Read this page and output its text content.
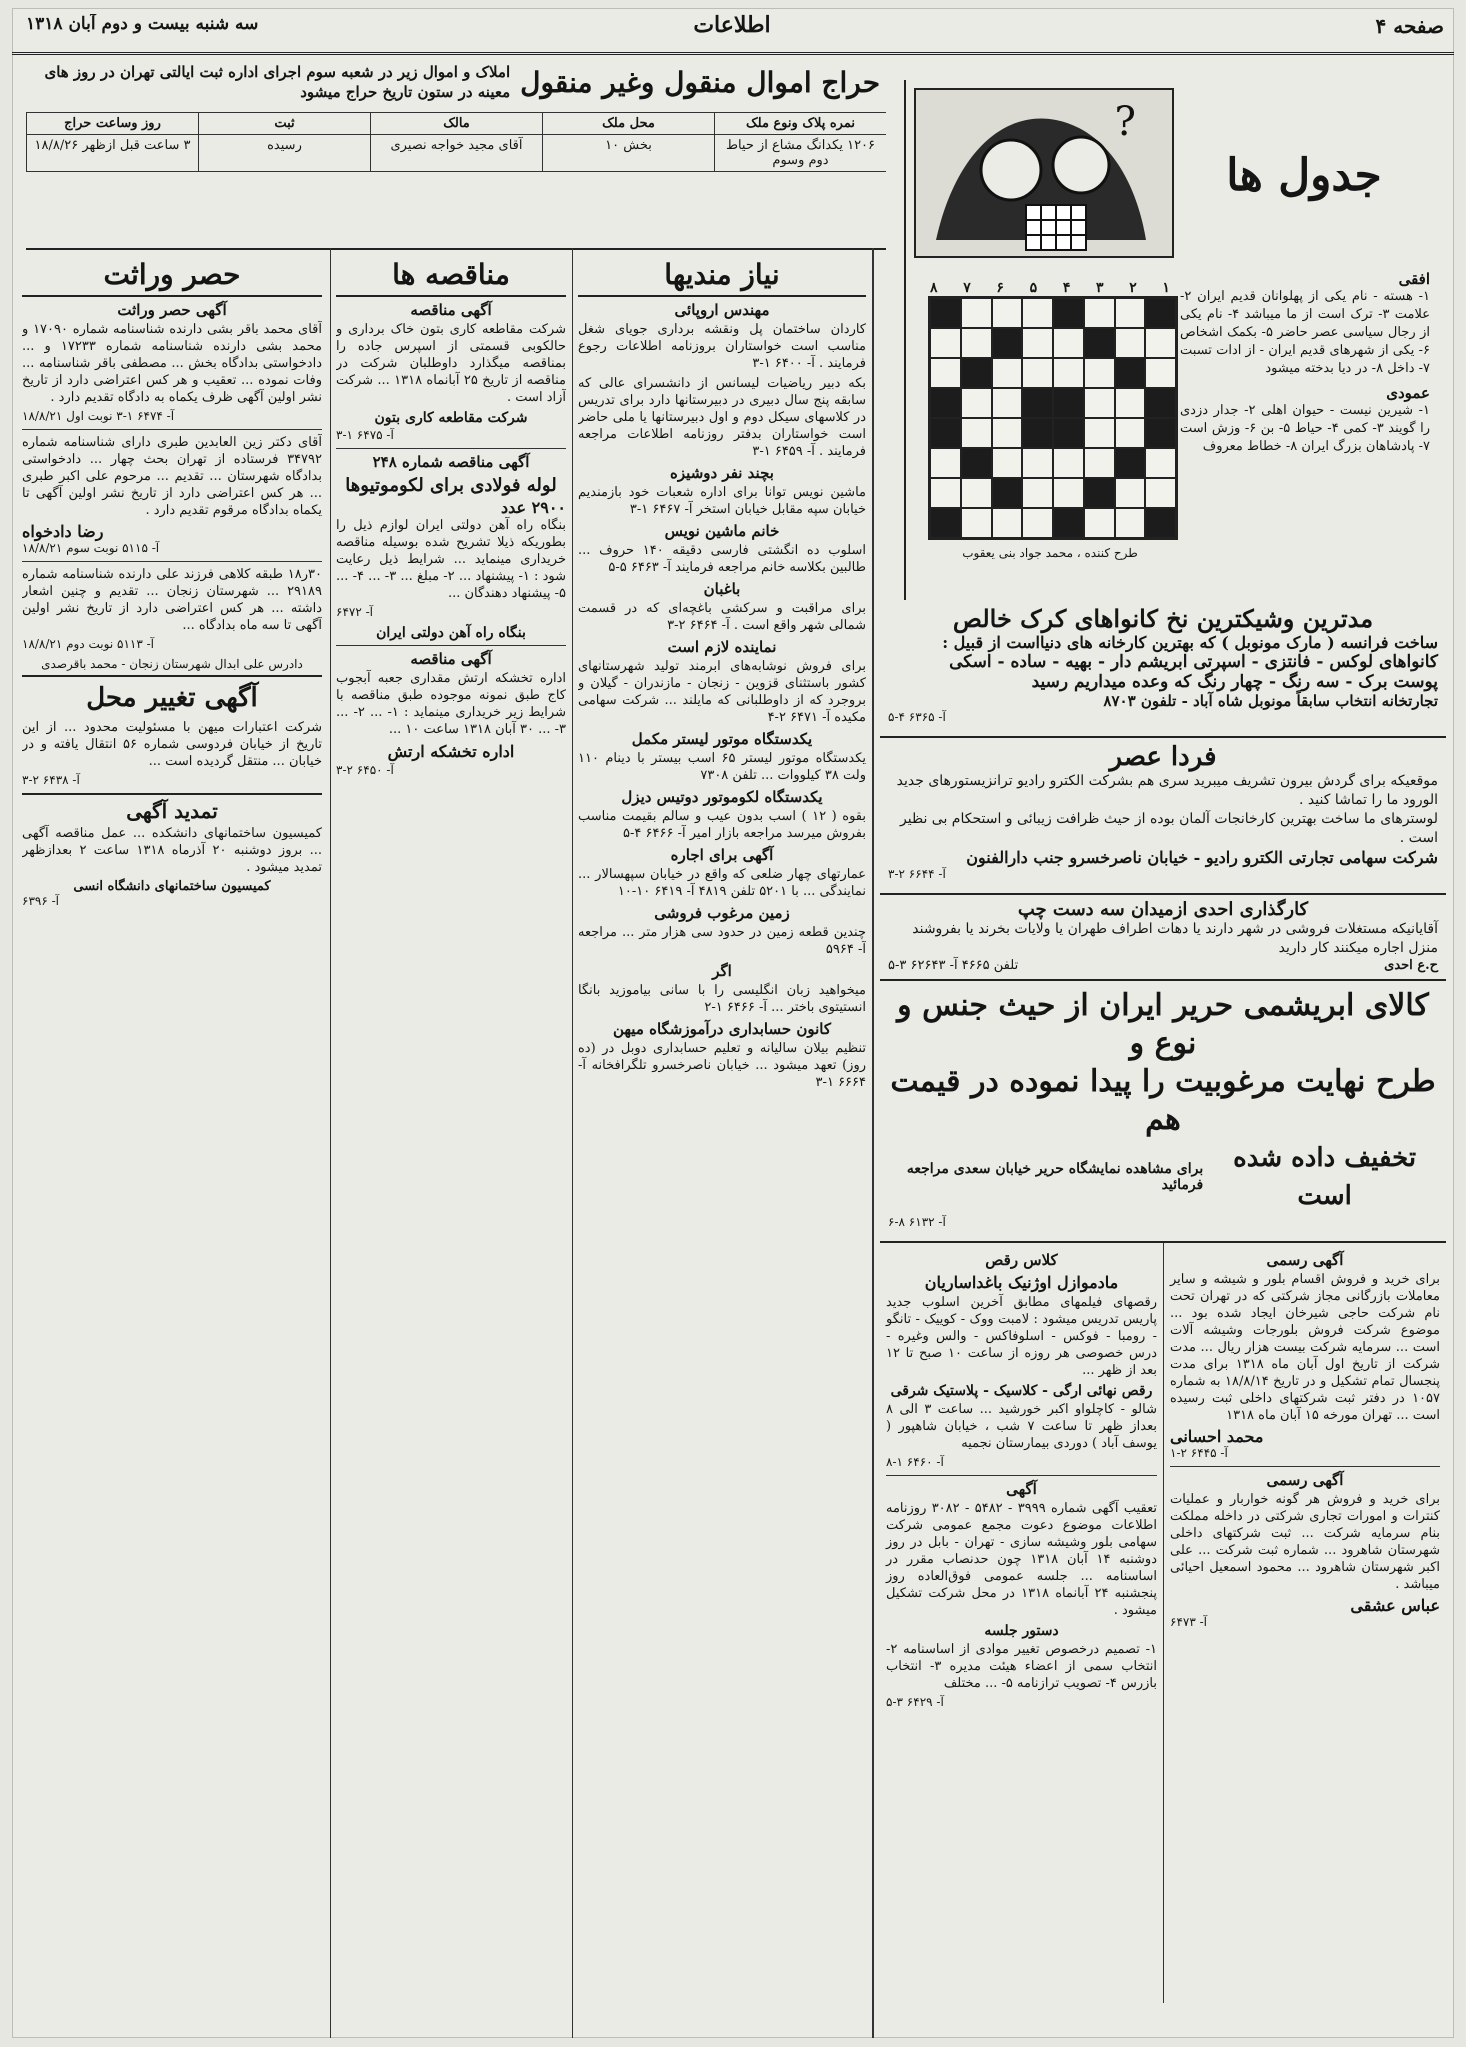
صفحه ۴
اطلاعات
سه شنبه بیست و دوم آبان ۱۳۱۸
جدول ها
?
افقی
۱- هسته - نام یکی از پهلوانان قدیم ایران ۲- علامت ۳- ترک است از ما میباشد ۴- نام یکی از رجال سیاسی عصر حاضر ۵- بکمک اشخاص ۶- یکی از شهرهای قدیم ایران - از ادات تسبت ۷- داخل ۸- در دیا بدخته میشود
عمودی
۱- شیرین نیست - حیوان اهلی ۲- جدار دزدی را گویند ۳- کمی ۴- حیاط ۵- بن ۶- وزش است ۷- پادشاهان بزرگ ایران ۸- خطاط معروف
۸ ۷ ۶ ۵ ۴ ۳ ۲ ۱
طرح کننده ، محمد جواد بنی یعقوب
حراج اموال منقول وغیر منقول
املاک و اموال زیر در شعبه سوم اجرای اداره ثبت ایالتی تهران در روز های معینه در ستون تاریخ حراج میشود
نمره پلاک ونوع ملک
محل ملک
مالک
ثبت
روز وساعت حراج
۱۲۰۶ یکدانگ مشاع از حیاط دوم وسوم
بخش ۱۰
آقای مجید خواجه نصیری
رسیده
۳ ساعت قبل ازظهر ۱۸/۸/۲۶
حصر وراثت
آگهی حصر وراثت

آقای محمد باقر بشی دارنده شناسنامه شماره ۱۷۰۹۰ و محمد بشی دارنده شناسنامه شماره ۱۷۲۳۳ و ... دادخواستی بدادگاه بخش ... مصطفی باقر شناسنامه ... وفات نموده ... تعقیب و هر کس اعتراضی دارد از تاریخ نشر اولین آگهی ظرف یکماه به دادگاه تقدیم دارد .

آ- ۶۴۷۴ ۱-۳ نوبت اول ۱۸/۸/۲۱

آقای دکتر زین العابدین طبری دارای شناسنامه شماره ۳۴۷۹۲ فرستاده از تهران بحث چهار ... دادخواستی بدادگاه شهرستان ... تقدیم ... مرحوم علی اکبر طبری ... هر کس اعتراضی دارد از تاریخ نشر اولین آگهی تا یکماه بدادگاه مرقوم تقدیم دارد .

رضا دادخواه
آ- ۵۱۱۵ نوبت سوم ۱۸/۸/۲۱

۳۰ر۱۸ طبقه کلاهی فرزند علی دارنده شناسنامه شماره ۲۹۱۸۹ ... شهرستان زنجان ... تقدیم و چنین اشعار داشته ... هر کس اعتراضی دارد از تاریخ نشر اولین آگهی تا سه ماه بدادگاه ...

آ- ۵۱۱۳ نوبت دوم ۱۸/۸/۲۱
دادرس علی ابدال شهرستان زنجان - محمد باقرصدی
آگهی تغییر محل

شرکت اعتبارات میهن با مسئولیت محدود ... از این تاریخ از خیابان فردوسی شماره ۵۶ انتقال یافته و در خیابان ... منتقل گردیده است ...

آ- ۶۴۳۸ ۲-۳
تمدید آگهی

کمیسیون ساختمانهای دانشکده ... عمل مناقصه آگهی ... بروز دوشنبه ۲۰ آذرماه ۱۳۱۸ ساعت ۲ بعدازظهر تمدید میشود .

کمیسیون ساختمانهای دانشگاه انسی
آ- ۶۳۹۶
مناقصه ها
آگهی مناقصه

شرکت مقاطعه کاری بتون خاک برداری و حالکوبی قسمتی از اسپرس جاده را بمناقصه میگذارد داوطلبان شرکت در مناقصه از تاریخ ۲۵ آبانماه ۱۳۱۸ ... شرکت آزاد است .

شرکت مقاطعه کاری بتون
آ- ۶۴۷۵ ۱-۳
آگهی مناقصه شماره ۲۴۸
لوله فولادی برای لکوموتیوها
۲۹۰۰ عدد

بنگاه راه آهن دولتی ایران لوازم ذیل را بطوریکه ذیلا تشریح شده بوسیله مناقصه خریداری مینماید ... شرایط ذیل رعایت شود : ۱- پیشنهاد ... ۲- مبلغ ... ۳- ... ۴- ... ۵- پیشنهاد دهندگان ...

آ- ۶۴۷۲
بنگاه راه آهن دولتی ایران
آگهی مناقصه

اداره تخشکه ارتش مقداری جعبه آبجوب کاج طبق نمونه موجوده طبق مناقصه با شرایط زیر خریداری مینماید : ۱- ... ۲- ... ۳- ... ۳۰ آبان ۱۳۱۸ ساعت ۱۰ ...

اداره تخشکه ارتش
آ- ۶۴۵۰ ۲-۳
نیاز مندیها
مهندس اروپائی

کاردان ساختمان پل ونقشه برداری جویای شغل مناسب است خواستاران بروزنامه اطلاعات رجوع فرمایند . آ- ۶۴۰۰ ۱-۳

بکه دبیر ریاضیات لیسانس از دانشسرای عالی که سابقه پنج سال دبیری در دبیرستانها دارد برای تدریس در کلاسهای سیکل دوم و اول دبیرستانها یا ملی حاضر است خواستاران بدفتر روزنامه اطلاعات مراجعه فرمایند . آ- ۶۴۵۹ ۱-۳

بچند نفر دوشیزه

ماشین نویس توانا برای اداره شعبات خود بازمندیم خیابان سپه مقابل خیابان استخر آ- ۶۴۶۷ ۱-۳

خانم ماشین نویس

اسلوب ده انگشتی فارسی دقیقه ۱۴۰ حروف ... طالبین بکلاسه خانم مراجعه فرمایند آ- ۶۴۶۳ ۵-۵

باغبان

برای مراقبت و سرکشی باغچه‌ای که در قسمت شمالی شهر واقع است . آ- ۶۴۶۴ ۲-۳

نماینده لازم است

برای فروش نوشابه‌های ابرمند تولید شهرستانهای کشور باستثنای قزوین - زنجان - مازندران - گیلان و بروجرد که از داوطلبانی که مایلند ... شرکت سهامی مکیده آ- ۶۴۷۱ ۲-۴

یکدستگاه موتور لیستر مکمل

یکدستگاه موتور لیستر ۶۵ اسب بیستر با دینام ۱۱۰ ولت ۳۸ کیلووات ... تلفن ۷۳۰۸

یکدستگاه لکوموتور دوتیس دیزل

بقوه ( ۱۲ ) اسب بدون عیب و سالم بقیمت مناسب بفروش میرسد مراجعه بازار امیر آ- ۶۴۶۶ ۴-۵

آگهی برای اجاره

عمارتهای چهار ضلعی که واقع در خیابان سپهسالار ... نمایندگی ... با ۵۲۰۱ تلفن ۴۸۱۹ آ- ۶۴۱۹ ۱۰-۱۰

زمین مرغوب فروشی

چندین قطعه زمین در حدود سی هزار متر ... مراجعه آ- ۵۹۶۴

اگر

میخواهید زبان انگلیسی را با سانی بیاموزید بانگا انستیتوی باختر ... آ- ۶۴۶۶ ۱-۲

کانون حسابداری درآموزشگاه میهن

تنظیم بیلان سالیانه و تعلیم حسابداری دوبل در (ده روز) تعهد میشود ... خیابان ناصرخسرو تلگرافخانه آ- ۶۶۶۴ ۱-۳

مدترین وشیکترین نخ کانواهای کرک خالص
ساخت فرانسه ( مارک مونوبل ) که بهترین کارخانه های دنیااست از قبیل :
کانواهای لوکس - فانتزی - اسپرتی ابریشم دار - بهیه - ساده - اسکی
پوست برک - سه رنگ - چهار رنگ که وعده میداریم رسید
تجارتخانه انتخاب سابقاً مونوبل شاه آباد - تلفون ۸۷۰۳
آ- ۶۳۶۵ ۴-۵
فردا عصر
موقعیکه برای گردش بیرون تشریف میبرید سری هم بشرکت الکترو رادیو ترانزیستورهای جدید الورود ما را تماشا کنید .
لوسترهای ما ساخت بهترین کارخانجات آلمان بوده از حیث ظرافت زیبائی و استحکام بی نظیر است .
شرکت سهامی تجارتی الکترو رادیو - خیابان ناصرخسرو جنب دارالفنون
آ- ۶۶۴۴ ۲-۳
کارگذاری احدی ازمیدان سه دست چپ
آقایانیکه مستغلات فروشی در شهر دارند یا دهات اطراف طهران یا ولایات بخرند یا بفروشند منزل اجاره میکنند کار دارید
ح.ع احدی
تلفن ۴۶۶۵ آ- ۶۲۶۴۳ ۳-۵
کالای ابریشمی حریر ایران از حیث جنس و نوع و
طرح نهایت مرغوبیت را پیدا نموده در قیمت هم
تخفیف داده شده است
برای مشاهده نمایشگاه حریر خیابان سعدی مراجعه فرمائید
آ- ۶۱۳۲ ۸-۶
آگهی رسمی

برای خرید و فروش اقسام بلور و شیشه و سایر معاملات بازرگانی مجاز شرکتی که در تهران تحت نام شرکت حاجی شیرخان ایجاد شده بود ... موضوع شرکت فروش بلورجات وشیشه آلات است ... سرمایه شرکت بیست هزار ریال ... مدت شرکت از تاریخ اول آبان ماه ۱۳۱۸ برای مدت پنجسال تمام تشکیل و در تاریخ ۱۸/۸/۱۴ به شماره ۱۰۵۷ در دفتر ثبت شرکتهای داخلی ثبت رسیده است ... تهران مورخه ۱۵ آبان ماه ۱۳۱۸

محمد احسانی
آ- ۶۴۴۵ ۲-۱
آگهی رسمی

برای خرید و فروش هر گونه خواربار و عملیات کنترات و امورات تجاری شرکتی در داخله مملکت بنام سرمایه شرکت ... ثبت شرکتهای داخلی شهرستان شاهرود ... شماره ثبت شرکت ... علی اکبر شهرستان شاهرود ... محمود اسمعیل احیائی میباشد .

عباس عشقی
آ- ۶۴۷۳
کلاس رقص
مادموازل اوژنیک باغداساریان

رقصهای فیلمهای مطابق آخرین اسلوب جدید پاریس تدریس میشود : لامبت ووک - کوییک - تانگو - رومبا - فوکس - اسلوفاکس - والس وغیره - درس خصوصی هر روزه از ساعت ۱۰ صبح تا ۱۲ بعد از ظهر ...

رقص نهائی ارگی - کلاسیک - پلاستیک شرقی

شالو - کاچلواو اکبر خورشید ... ساعت ۳ الی ۸ بعداز ظهر تا ساعت ۷ شب ، خیابان شاهپور ( یوسف آباد ) دوردی بیمارستان نجمیه

آ- ۶۴۶۰ ۱-۸
آگهی

تعقیب آگهی شماره ۳۹۹۹ - ۵۴۸۲ - ۳۰۸۲ روزنامه اطلاعات موضوع دعوت مجمع عمومی شرکت سهامی بلور وشیشه سازی - تهران - بابل در روز دوشنبه ۱۴ آبان ۱۳۱۸ چون حدنصاب مقرر در اساسنامه ... جلسه عمومی فوق‌العاده روز پنجشنبه ۲۴ آبانماه ۱۳۱۸ در محل شرکت تشکیل میشود .

دستور جلسه

۱- تصمیم درخصوص تغییر موادی از اساسنامه ۲- انتخاب سمی از اعضاء هیئت مدیره ۳- انتخاب بازرس ۴- تصویب ترازنامه ۵- ... مختلف

آ- ۶۴۲۹ ۳-۵
